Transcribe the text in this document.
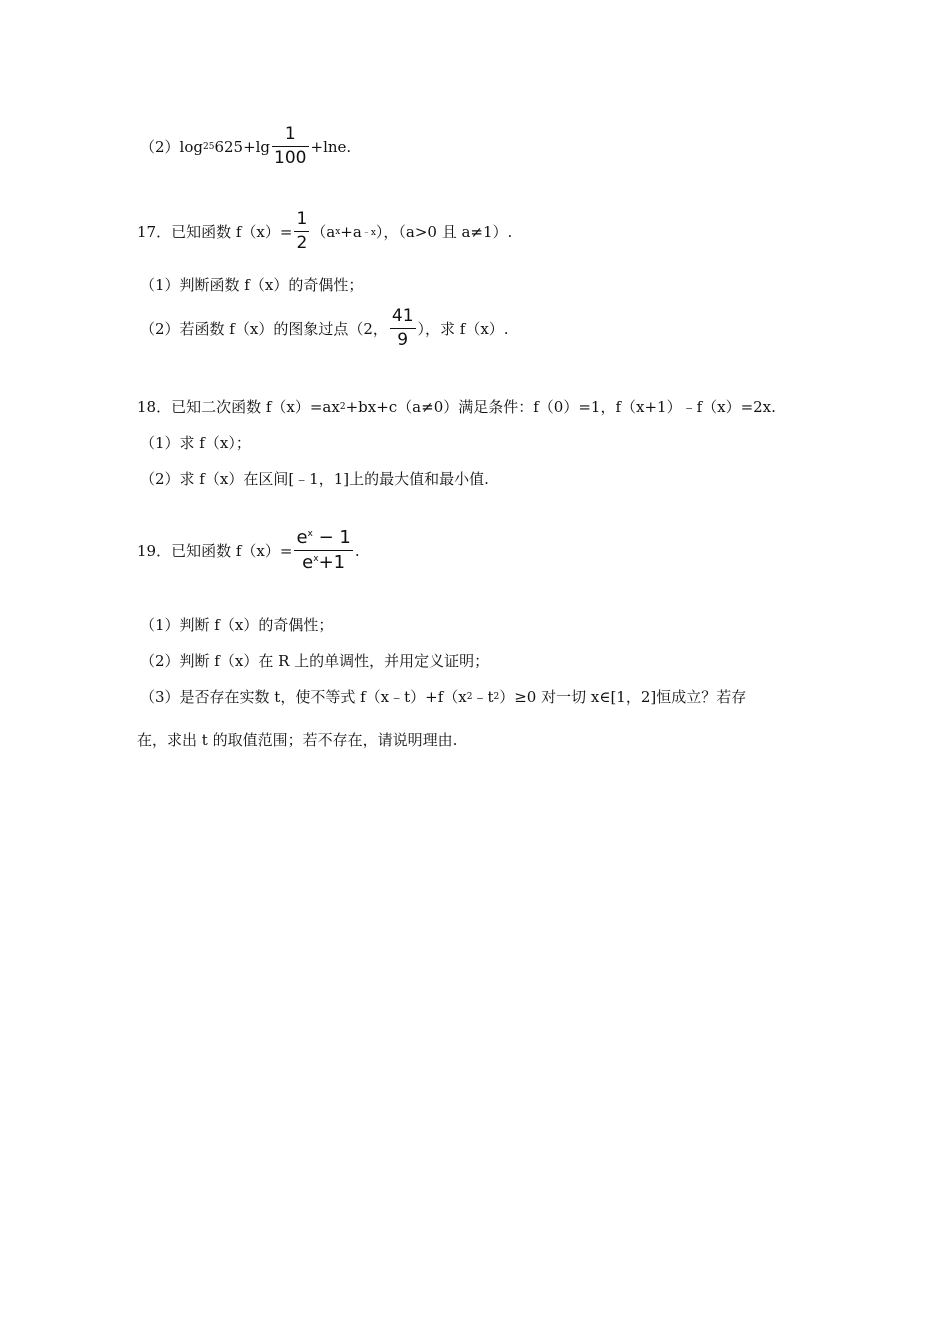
（2）log 25 $625+\lg \frac{1}{100} +\ln e$.
17．已知函数 $f(x)= \frac{1}{2} (a$ x +a ﹣x ），（a>0 且 a≠1）.
（1）判断函数 f（x）的奇偶性；
（2）若函数 f（x）的图象过点（2， $\frac{41}{9}$ ），求 f（x）.
18．已知二次函数 f（x）=ax 2 +bx+c（a≠0）满足条件：f（0）=1，f（x+1）﹣f（x）=2x.
（1）求 f（x）；
（2）求 f（x）在区间[﹣1，1]上的最大值和最小值.
19．已知函数 $f(x)= \frac{e^x - 1}{e^x+1}$ .
（1）判断 f（x）的奇偶性；
（2）判断 f（x）在 R 上的单调性，并用定义证明；
（3）是否存在实数 t，使不等式 f（x﹣t）+f（x 2 ﹣t 2 ）≥0 对一切 x∈[1，2]恒成立？若存
在，求出 t 的取值范围；若不存在，请说明理由.
